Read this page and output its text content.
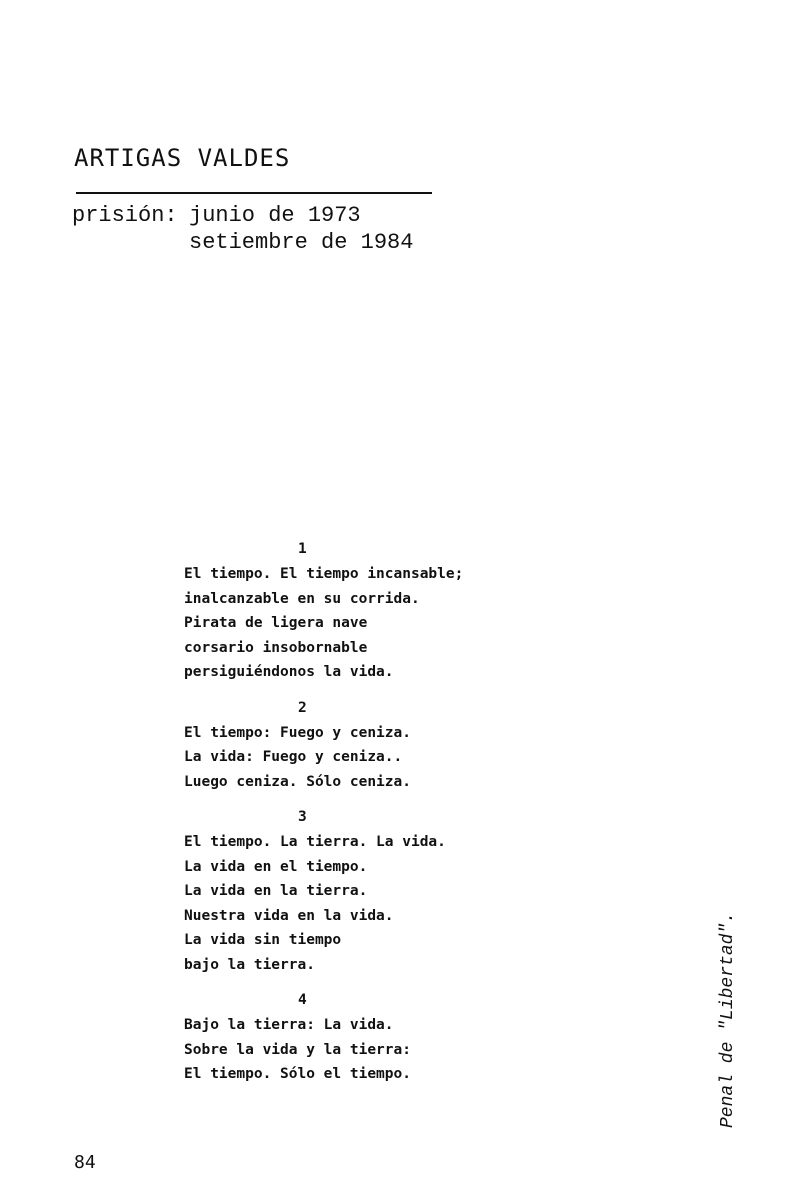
ARTIGAS VALDES
prisión: junio de 1973
setiembre de 1984
1
El tiempo. El tiempo incansable;
inalcanzable en su corrida.
Pirata de ligera nave
corsario insobornable
persiguiéndonos la vida.
2
El tiempo: Fuego y ceniza.
La vida: Fuego y ceniza..
Luego ceniza. Sólo ceniza.
3
El tiempo. La tierra. La vida.
La vida en el tiempo.
La vida en la tierra.
Nuestra vida en la vida.
La vida sin tiempo
bajo la tierra.
4
Bajo la tierra: La vida.
Sobre la vida y la tierra:
El tiempo. Sólo el tiempo.	Penal de "Libertad".
84
